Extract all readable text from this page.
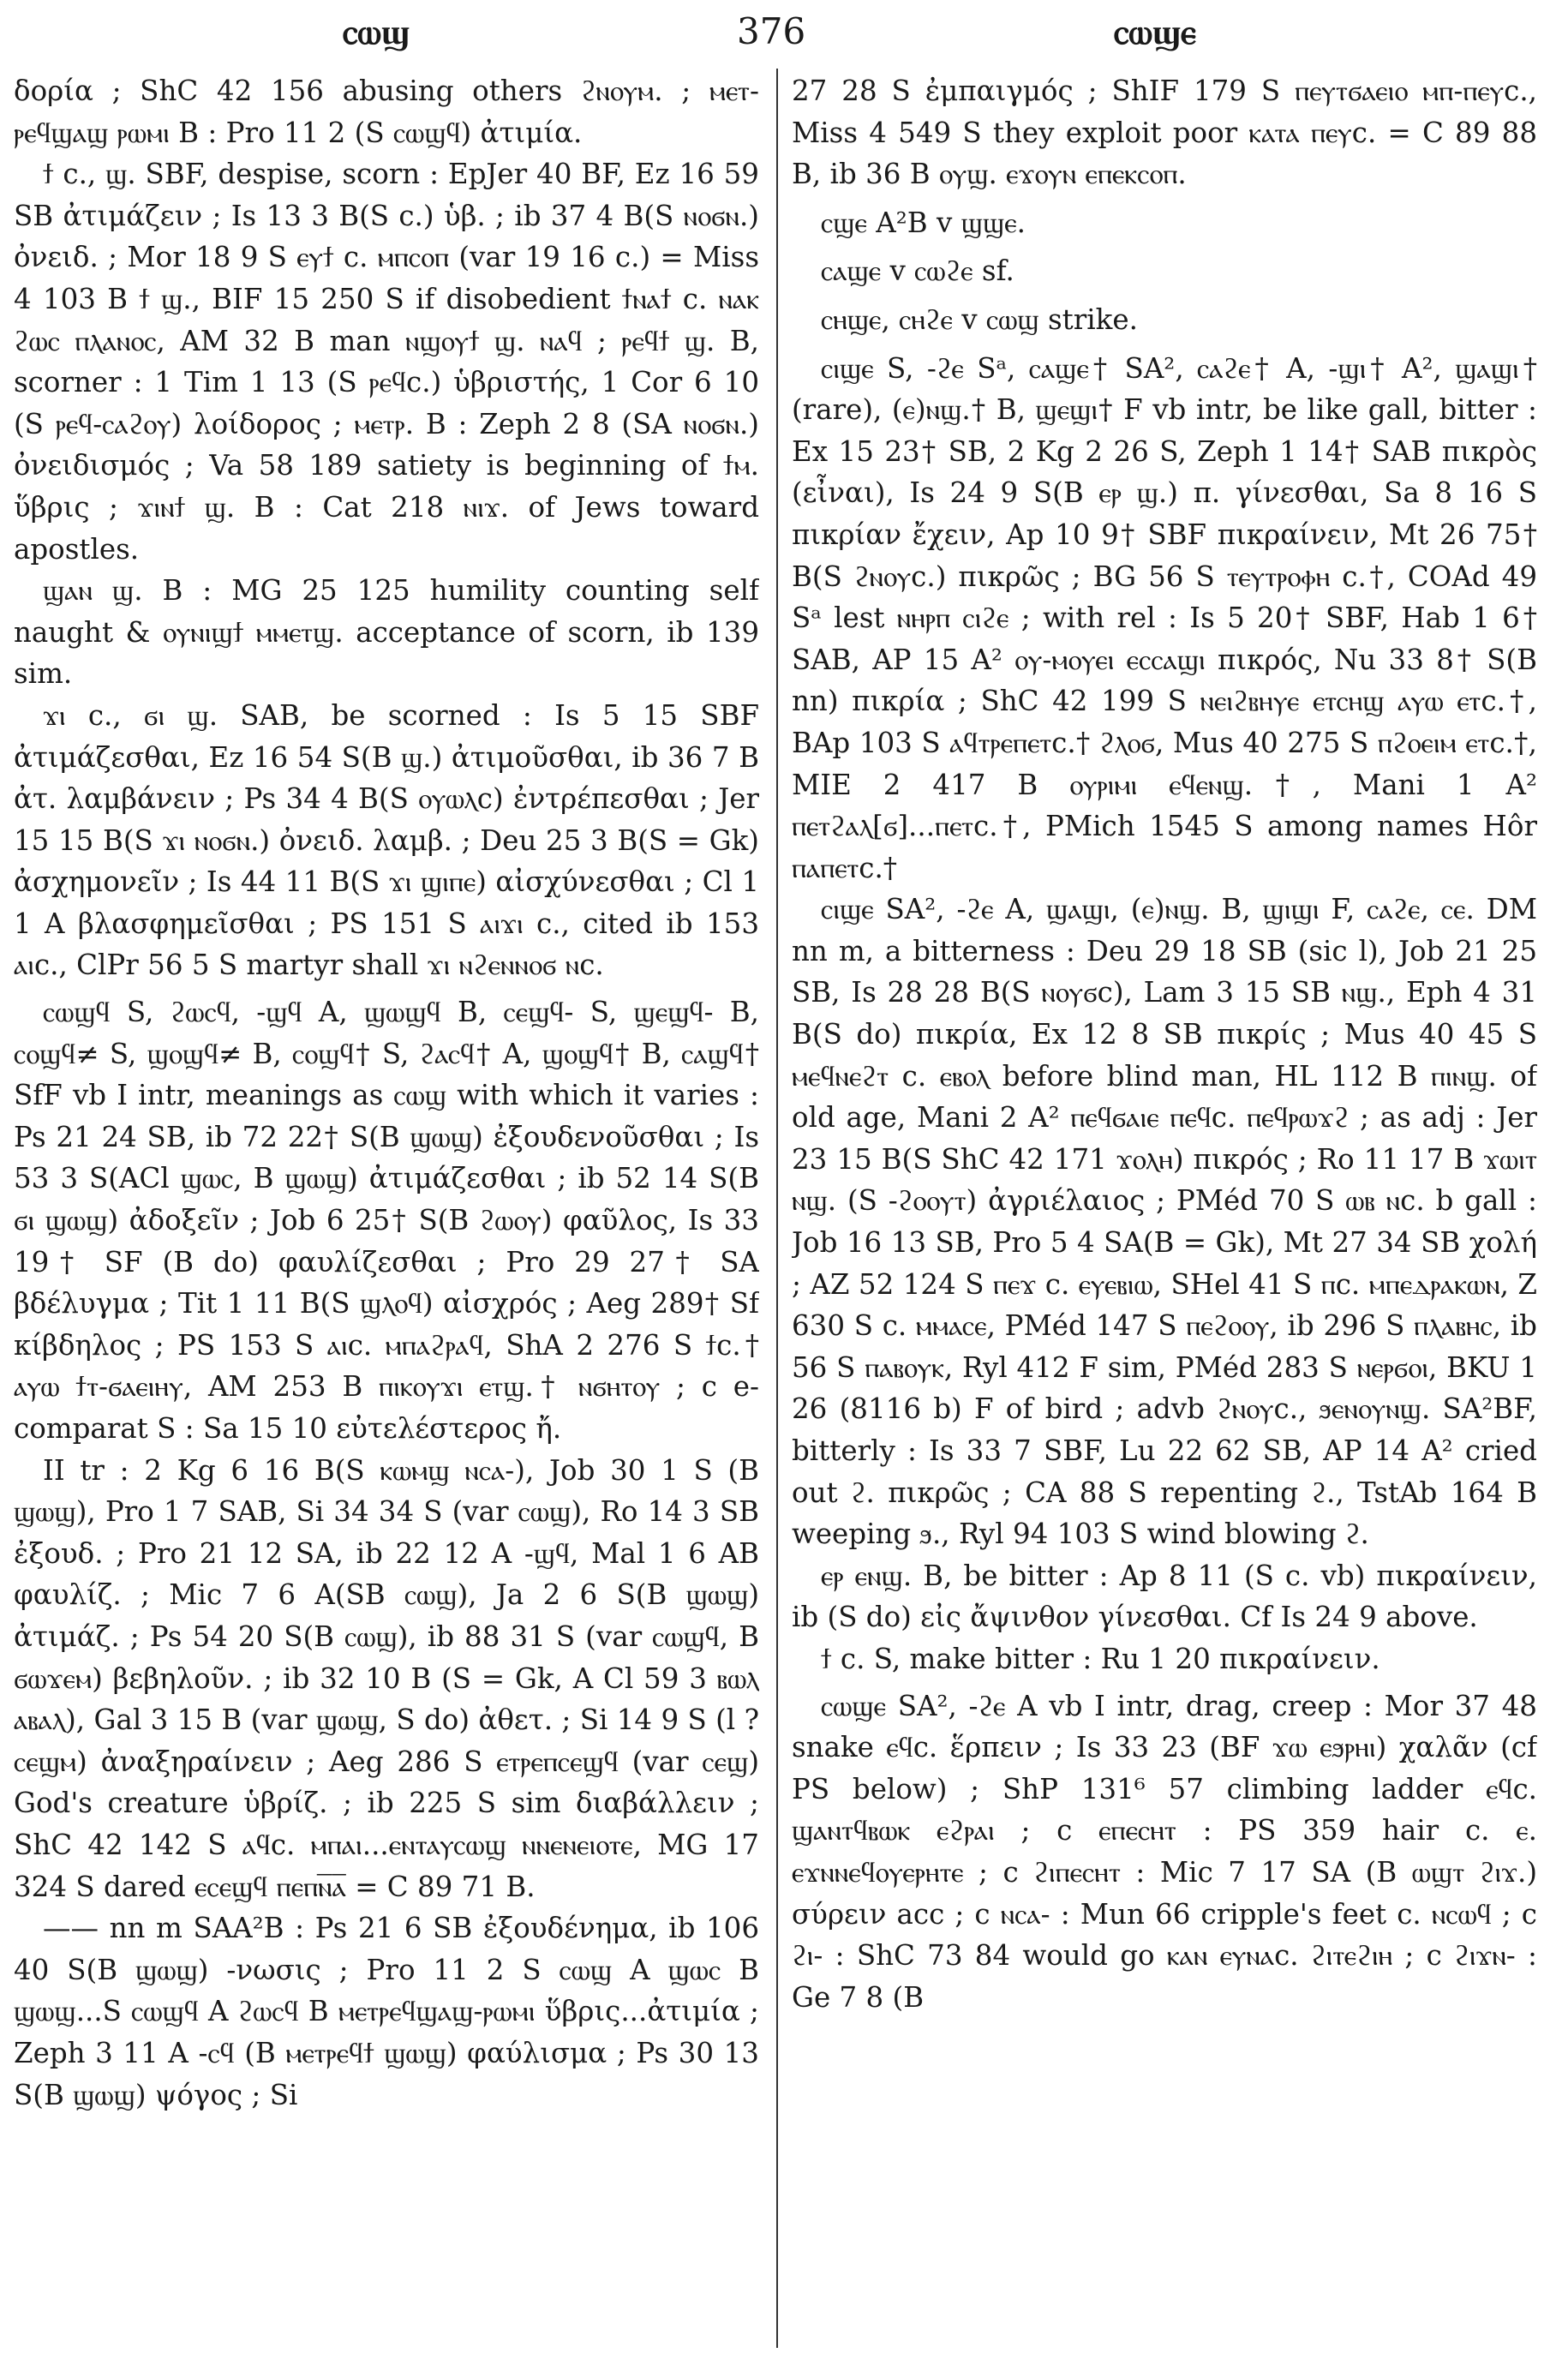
ⲥⲱϣ	376	ⲥⲱϣⲉ

δορία ; ShC 42 156 abusing others ϩⲛⲟⲩⲙ. ; ⲙⲉⲧ-ⲣⲉϥϣⲁϣ ⲣⲱⲙⲓ B : Pro 11 2 (S ⲥⲱϣϥ) ἀτιμία.

ϯ c., ϣ. SBF, despise, scorn : EpJer 40 BF, Ez 16 59 SB ἀτιμάζειν ; Is 13 3 B(S c.) ὑβ. ; ib 37 4 B(S ⲛⲟϭⲛ.) ὀνειδ. ; Mor 18 9 S ⲉⲩϯ c. ⲙⲡⲥⲟⲡ (var 19 16 c.) = Miss 4 103 B ϯ ϣ., BIF 15 250 S if disobedient ϯⲛⲁϯ c. ⲛⲁⲕ ϩⲱⲥ ⲡⲗⲁⲛⲟⲥ, AM 32 B man ⲛϣⲟⲩϯ ϣ. ⲛⲁϥ ; ⲣⲉϥϯ ϣ. B, scorner : 1 Tim 1 13 (S ⲣⲉϥc.) ὑβριστής, 1 Cor 6 10 (S ⲣⲉϥ-ⲥⲁϩⲟⲩ) λοίδορος ; ⲙⲉⲧⲣ. B : Zeph 2 8 (SA ⲛⲟϭⲛ.) ὀνειδισμός ; Va 58 189 satiety is beginning of ϯⲙ. ὕβρις ; ϫⲓⲛϯ ϣ. B : Cat 218 ⲛⲓϫ. of Jews toward apostles.

ϣⲁⲛ ϣ. B : MG 25 125 humility counting self naught & ⲟⲩⲛⲓϣϯ ⲙⲙⲉⲧϣ. acceptance of scorn, ib 139 sim.

ϫⲓ c., ϭⲓ ϣ. SAB, be scorned : Is 5 15 SBF ἀτιμάζεσθαι, Ez 16 54 S(B ϣ.) ἀτιμοῦσθαι, ib 36 7 B ἀτ. λαμβάνειν ; Ps 34 4 B(S ⲟⲩⲱⲗϲ) ἐντρέπεσθαι ; Jer 15 15 B(S ϫⲓ ⲛⲟϭⲛ.) ὀνειδ. λαμβ. ; Deu 25 3 B(S = Gk) ἀσχημονεῖν ; Is 44 11 B(S ϫⲓ ϣⲓⲡⲉ) αἰσχύνεσθαι ; Cl 1 1 A βλασφημεῖσθαι ; PS 151 S ⲁⲓϫⲓ c., cited ib 153 ⲁⲓc., ClPr 56 5 S martyr shall ϫⲓ ⲛϩⲉⲛⲛⲟϭ ⲛc.

ⲥⲱϣϥ S, ϩⲱⲥϥ, -ϣϥ A, ϣⲱϣϥ B, ⲥⲉϣϥ- S, ϣⲉϣϥ- B, ⲥⲟϣϥ≠ S, ϣⲟϣϥ≠ B, ⲥⲟϣϥ† S, ϩⲁⲥϥ† A, ϣⲟϣϥ† B, ⲥⲁϣϥ† SfF vb I intr, meanings as ⲥⲱϣ with which it varies : Ps 21 24 SB, ib 72 22† S(B ϣⲱϣ) ἐξουδενοῦσθαι ; Is 53 3 S(ACl ϣⲱⲥ, B ϣⲱϣ) ἀτιμάζεσθαι ; ib 52 14 S(B ϭⲓ ϣⲱϣ) ἀδοξεῖν ; Job 6 25† S(B ϩⲱⲟⲩ) φαῦλος, Is 33 19† SF (B do) φαυλίζεσθαι ; Pro 29 27† SA βδέλυγμα ; Tit 1 11 B(S ϣⲗⲟϥ) αἰσχρός ; Aeg 289† Sf κίβδηλος ; PS 153 S ⲁⲓc. ⲙⲡⲁϩⲣⲁϥ, ShA 2 276 S ϯc.† ⲁⲩⲱ ϯⲧ-ϭⲁⲉⲓⲏⲩ, AM 253 B ⲡⲓⲕⲟⲩϫⲓ ⲉⲧϣ.† ⲛϭⲏⲧⲟⲩ ; c e- comparat S : Sa 15 10 εὐτελέστερος ἤ.

II tr : 2 Kg 6 16 B(S ⲕⲱⲙϣ ⲛⲥⲁ-), Job 30 1 S (B ϣⲱϣ), Pro 1 7 SAB, Si 34 34 S (var ⲥⲱϣ), Ro 14 3 SB ἐξουδ. ; Pro 21 12 SA, ib 22 12 A -ϣϥ, Mal 1 6 AB φαυλίζ. ; Mic 7 6 A(SB ⲥⲱϣ), Ja 2 6 S(B ϣⲱϣ) ἀτιμάζ. ; Ps 54 20 S(B ⲥⲱϣ), ib 88 31 S (var ⲥⲱϣϥ, B ϭⲱϫⲉⲙ) βεβηλοῦν. ; ib 32 10 B (S = Gk, A Cl 59 3 ⲃⲱⲗ ⲁⲃⲁⲗ), Gal 3 15 B (var ϣⲱϣ, S do) ἀθετ. ; Si 14 9 S (l ? ⲥⲉϣⲙ) ἀναξηραίνειν ; Aeg 286 S ⲉⲧⲣⲉⲡⲥⲉϣϥ (var ⲥⲉϣ) God's creature ὑβρίζ. ; ib 225 S sim διαβάλλειν ; ShC 42 142 S ⲁϥc. ⲙⲡⲁⲓ...ⲉⲛⲧⲁⲩⲥⲱϣ ⲛⲛⲉⲛⲉⲓⲟⲧⲉ, MG 17 324 S dared ⲉⲥⲉϣϥ ⲡⲉⲡⲛ̅ⲁ̅ = C 89 71 B.

—— nn m SAA²B : Ps 21 6 SB ἐξουδένημα, ib 106 40 S(B ϣⲱϣ) -νωσις ; Pro 11 2 S ⲥⲱϣ A ϣⲱⲥ B ϣⲱϣ...S ⲥⲱϣϥ A ϩⲱⲥϥ B ⲙⲉⲧⲣⲉϥϣⲁϣ-ⲣⲱⲙⲓ ὕβρις...ἀτιμία ; Zeph 3 11 A -ⲥϥ (B ⲙⲉⲧⲣⲉϥϯ ϣⲱϣ) φαύλισμα ; Ps 30 13 S(B ϣⲱϣ) ψόγος ; Si

27 28 S ἐμπαιγμός ; ShIF 179 S ⲡⲉⲩⲧϭⲁⲉⲓⲟ ⲙⲡ-ⲡⲉⲩc., Miss 4 549 S they exploit poor ⲕⲁⲧⲁ ⲡⲉⲩc. = C 89 88 B, ib 36 B ⲟⲩϣ. ⲉϫⲟⲩⲛ ⲉⲡⲉⲕⲥⲟⲡ.

ⲥϣⲉ A²B v ϣϣⲉ.

ⲥⲁϣⲉ v ⲥⲱϩⲉ sf.

ⲥⲏϣⲉ, ⲥⲏϩⲉ v ⲥⲱϣ strike.

ⲥⲓϣⲉ S, -ϩⲉ Sᵃ, ⲥⲁϣⲉ† SA², ⲥⲁϩⲉ† A, -ϣⲓ† A², ϣⲁϣⲓ† (rare), (ⲉ)ⲛϣ.† B, ϣⲉϣⲓ† F vb intr, be like gall, bitter : Ex 15 23† SB, 2 Kg 2 26 S, Zeph 1 14† SAB πικρὸς (εἶναι), Is 24 9 S(B ⲉⲣ ϣ.) π. γίνεσθαι, Sa 8 16 S πικρίαν ἔχειν, Ap 10 9† SBF πικραίνειν, Mt 26 75† B(S ϩⲛⲟⲩc.) πικρῶς ; BG 56 S ⲧⲉⲩⲧⲣⲟⲫⲏ c.†, COAd 49 Sᵃ lest ⲛⲏⲣⲡ ⲥⲓϩⲉ ; with rel : Is 5 20† SBF, Hab 1 6† SAB, AP 15 A² ⲟⲩ-ⲙⲟⲩⲉⲓ ⲉⲥⲥⲁϣⲓ πικρός, Nu 33 8† S(B nn) πικρία ; ShC 42 199 S ⲛⲉⲓϩⲃⲏⲩⲉ ⲉⲧⲥⲏϣ ⲁⲩⲱ ⲉⲧc.†, BAp 103 S ⲁϥⲧⲣⲉⲡⲉⲧc.† ϩⲗⲟϭ, Mus 40 275 S ⲡϩⲟⲉⲓⲙ ⲉⲧc.†, MIE 2 417 B ⲟⲩⲣⲓⲙⲓ ⲉϥⲉⲛϣ.†, Mani 1 A² ⲡⲉⲧϩⲁⲗ[ϭ]...ⲡⲉⲧc.†, PMich 1545 S among names Hôr ⲡⲁⲡⲉⲧc.†

ⲥⲓϣⲉ SA², -ϩⲉ A, ϣⲁϣⲓ, (ⲉ)ⲛϣ. B, ϣⲓϣⲓ F, ⲥⲁϩⲉ, ⲥⲉ. DM nn m, a bitterness : Deu 29 18 SB (sic l), Job 21 25 SB, Is 28 28 B(S ⲛⲟⲩϭc), Lam 3 15 SB ⲛϣ., Eph 4 31 B(S do) πικρία, Ex 12 8 SB πικρίς ; Mus 40 45 S ⲙⲉϥⲛⲉϩⲧ c. ⲉⲃⲟⲗ before blind man, HL 112 B ⲡⲓⲛϣ. of old age, Mani 2 A² ⲡⲉϥϭⲁⲓⲉ ⲡⲉϥc. ⲡⲉϥⲣⲱϫϩ ; as adj : Jer 23 15 B(S ShC 42 171 ϫⲟⲗⲏ) πικρός ; Ro 11 17 B ϫⲱⲓⲧ ⲛϣ. (S -ϩⲟⲟⲩⲧ) ἀγριέλαιος ; PMéd 70 S ⲱⲃ ⲛc. b gall : Job 16 13 SB, Pro 5 4 SA(B = Gk), Mt 27 34 SB χολή ; AZ 52 124 S ⲡⲉϫ c. ⲉⲩⲉⲃⲓⲱ, SHel 41 S ⲡc. ⲙⲡⲉⲇⲣⲁⲕⲱⲛ, Z 630 S c. ⲙⲙⲁⲥⲉ, PMéd 147 S ⲡⲉϩⲟⲟⲩ, ib 296 S ⲡⲗⲁⲃⲏⲥ, ib 56 S ⲡⲁⲃⲟⲩⲕ, Ryl 412 F sim, PMéd 283 S ⲛⲉⲣϭⲟⲓ, BKU 1 26 (8116 b) F of bird ; advb ϩⲛⲟⲩc., ϧⲉⲛⲟⲩⲛϣ. SA²BF, bitterly : Is 33 7 SBF, Lu 22 62 SB, AP 14 A² cried out ϩ. πικρῶς ; CA 88 S repenting ϩ., TstAb 164 B weeping ϧ., Ryl 94 103 S wind blowing ϩ.

ⲉⲣ ⲉⲛϣ. B, be bitter : Ap 8 11 (S c. vb) πικραίνειν, ib (S do) εἰς ἄψινθον γίνεσθαι. Cf Is 24 9 above.

ϯ c. S, make bitter : Ru 1 20 πικραίνειν.

ⲥⲱϣⲉ SA², -ϩⲉ A vb I intr, drag, creep : Mor 37 48 snake ⲉϥc. ἕρπειν ; Is 33 23 (BF ϫⲱ ⲉϧⲣⲏⲓ) χαλᾶν (cf PS below) ; ShP 131⁶ 57 climbing ladder ⲉϥc. ϣⲁⲛⲧϥⲃⲱⲕ ⲉϩⲣⲁⲓ ; c ⲉⲡⲉⲥⲏⲧ : PS 359 hair c. ⲉ. ⲉϫⲛⲛⲉϥⲟⲩⲉⲣⲏⲧⲉ ; c ϩⲓⲡⲉⲥⲏⲧ : Mic 7 17 SA (B ⲱϣⲧ ϩⲓϫ.) σύρειν acc ; c ⲛⲥⲁ- : Mun 66 cripple's feet c. ⲛⲥⲱϥ ; c ϩⲓ- : ShC 73 84 would go ⲕⲁⲛ ⲉⲩⲛⲁc. ϩⲓⲧⲉϩⲓⲏ ; c ϩⲓϫⲛ- : Ge 7 8 (B
